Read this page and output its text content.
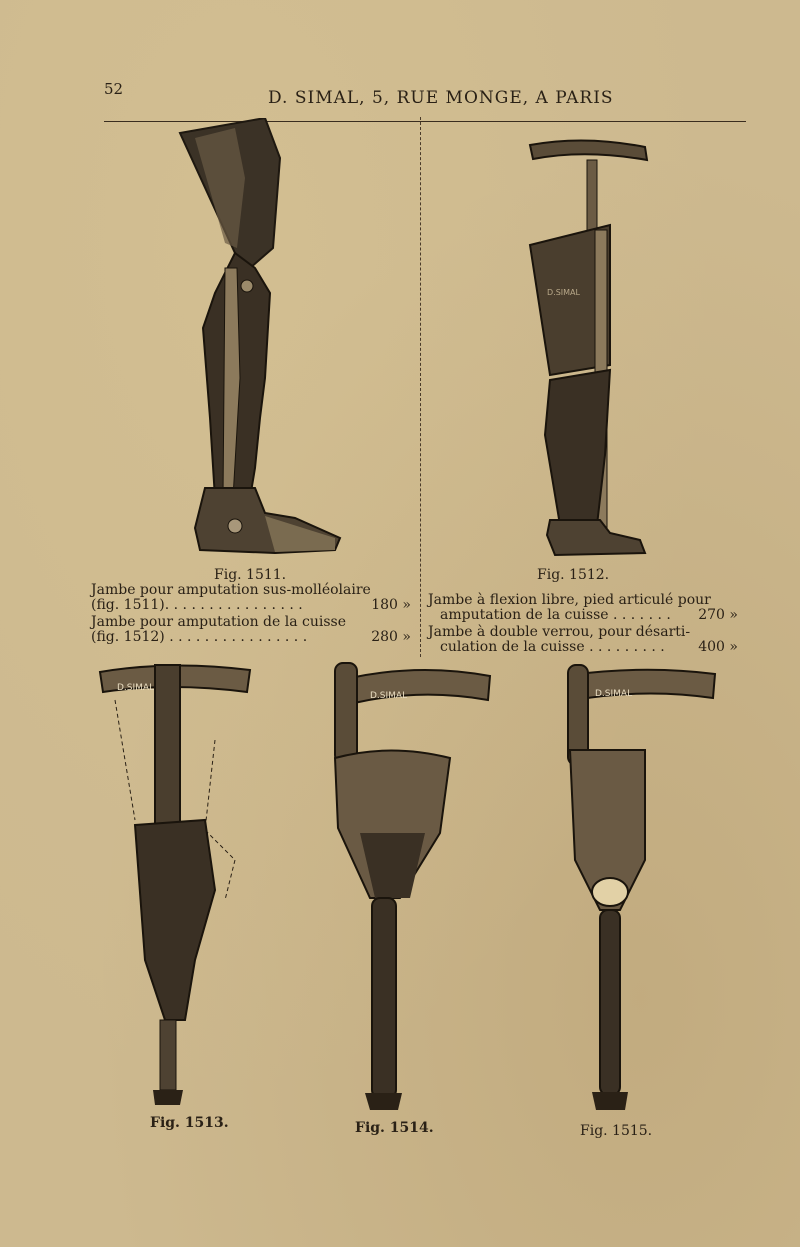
52	D. SIMAL, 5, RUE MONGE, A PARIS
Fig. 1511.
D.SIMAL
Fig. 1512.
Jambe pour amputation sus-molléolaire
(fig. 1511). . . . . . . . . . . . . . . .	180 »
Jambe pour amputation de la cuisse
(fig. 1512) . . . . . . . . . . . . . . . .	280 »
Jambe à flexion libre, pied articulé pour
amputation de la cuisse . . . . . . . 270 »
Jambe à double verrou, pour désarti-
culation de la cuisse . . . . . . . . . 400 »
D.SIMAL
Fig. 1513.
D.SIMAL
Fig. 1514.
D.SIMAL
Fig. 1515.
